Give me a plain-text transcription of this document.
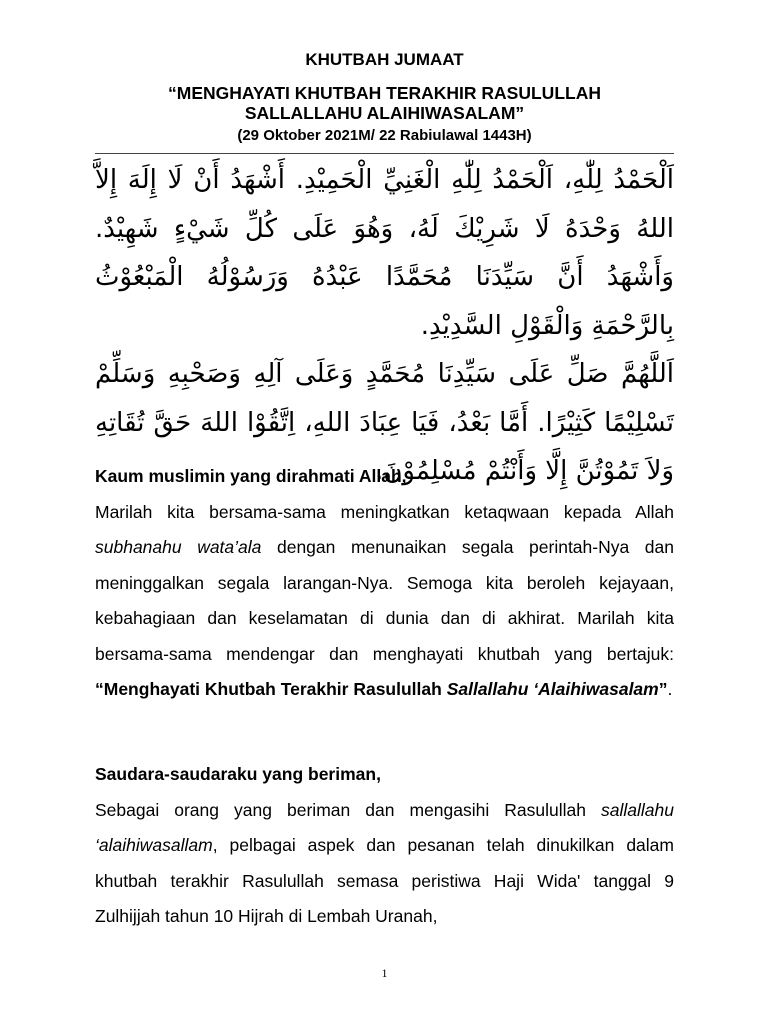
KHUTBAH JUMAAT
“MENGHAYATI KHUTBAH TERAKHIR RASULULLAH
SALLALLAHU ALAIHIWASALAM”
(29 Oktober 2021M/ 22 Rabiulawal 1443H)

اَلْحَمْدُ لِلّٰهِ، اَلْحَمْدُ لِلّٰهِ الْغَنِيِّ الْحَمِيْدِ. أَشْهَدُ أَنْ لَا إِلَهَ إِلاَّ اللهُ وَحْدَهُ لَا شَرِيْكَ لَهُ، وَهُوَ عَلَى كُلِّ شَيْءٍ شَهِيْدٌ. وَأَشْهَدُ أَنَّ سَيِّدَنَا مُحَمَّدًا عَبْدُهُ وَرَسُوْلُهُ الْمَبْعُوْثُ بِالرَّحْمَةِ وَالْقَوْلِ السَّدِيْدِ.

اَللَّهُمَّ صَلِّ عَلَى سَيِّدِنَا مُحَمَّدٍ وَعَلَى آلِهِ وَصَحْبِهِ وَسَلِّمْ تَسْلِيْمًا كَثِيْرًا. أَمَّا بَعْدُ، فَيَا عِبَادَ اللهِ، اِتَّقُوْا اللهَ حَقَّ تُقَاتِهِ وَلاَ تَمُوْتُنَّ إِلَّا وَأَنْتُمْ مُسْلِمُوْنَ.

Kaum muslimin yang dirahmati Allah,

Marilah kita bersama-sama meningkatkan ketaqwaan kepada Allah subhanahu wata’ala dengan menunaikan segala perintah-Nya dan meninggalkan segala larangan-Nya. Semoga kita beroleh kejayaan, kebahagiaan dan keselamatan di dunia dan di akhirat. Marilah kita bersama-sama mendengar dan menghayati khutbah yang bertajuk: “Menghayati Khutbah Terakhir Rasulullah Sallallahu ‘Alaihiwasalam”.

Saudara-saudaraku yang beriman,

Sebagai orang yang beriman dan mengasihi Rasulullah sallallahu ‘alaihiwasallam, pelbagai aspek dan pesanan telah dinukilkan dalam khutbah terakhir Rasulullah semasa peristiwa Haji Wida' tanggal 9 Zulhijjah tahun 10 Hijrah di Lembah Uranah,

1
